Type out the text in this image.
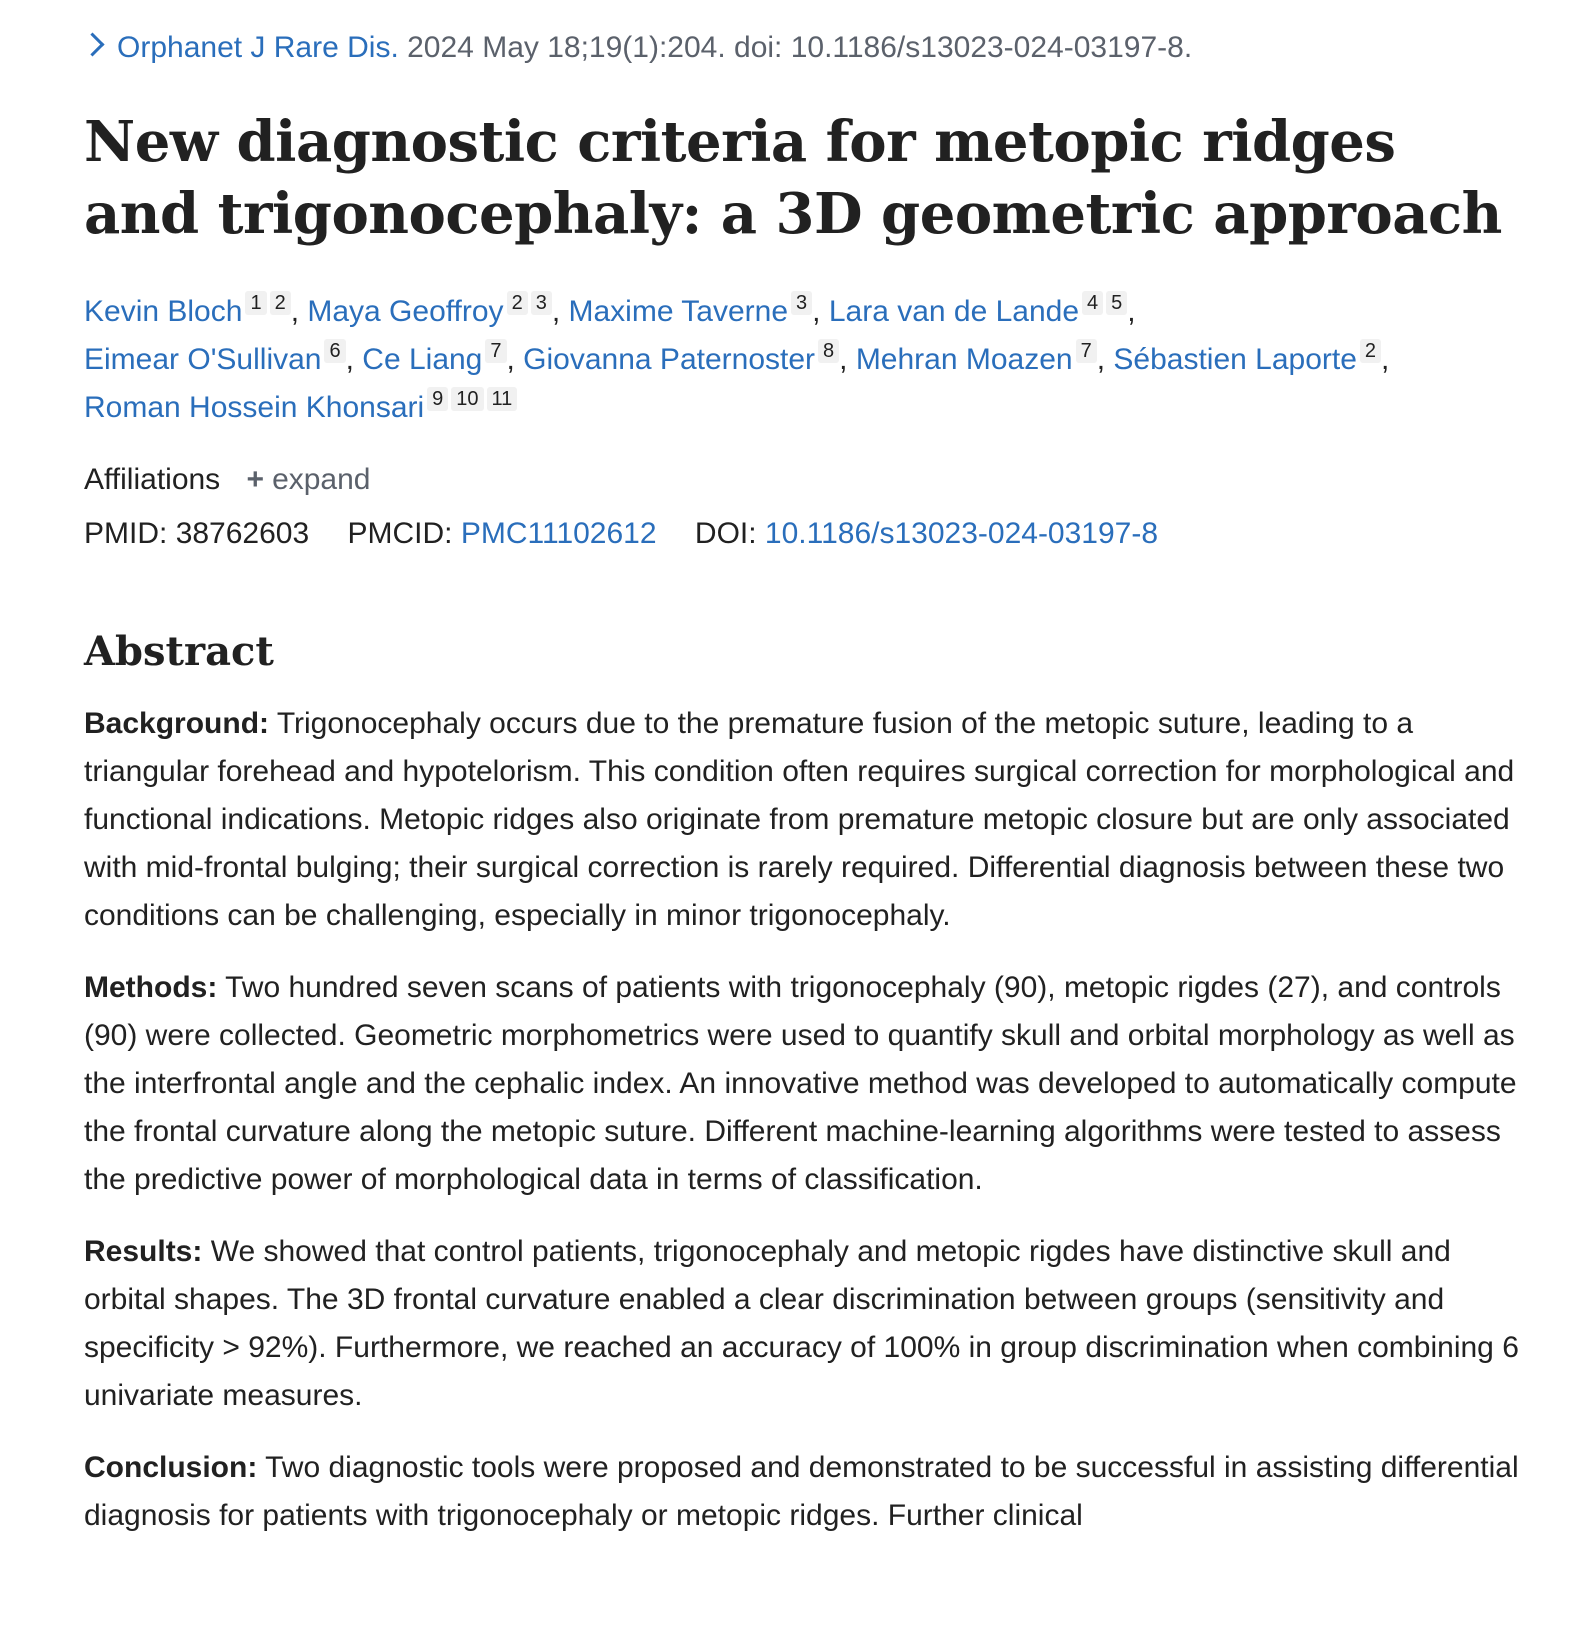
Orphanet J Rare Dis. 2024 May 18;19(1):204. doi: 10.1186/s13023-024-03197-8.
New diagnostic criteria for metopic ridges and trigonocephaly: a 3D geometric approach
Kevin Bloch 1 2 , Maya Geoffroy 2 3 , Maxime Taverne 3 , Lara van de Lande 4 5 ,
Eimear O'Sullivan 6 , Ce Liang 7 , Giovanna Paternoster 8 , Mehran Moazen 7 , Sébastien Laporte 2 ,
Roman Hossein Khonsari 9 10 11
Affiliations + expand
PMID: 38762603 PMCID: PMC11102612 DOI: 10.1186/s13023-024-03197-8
Abstract

Background: Trigonocephaly occurs due to the premature fusion of the metopic suture, leading to a triangular forehead and hypotelorism. This condition often requires surgical correction for morphological and functional indications. Metopic ridges also originate from premature metopic closure but are only associated with mid-frontal bulging; their surgical correction is rarely required. Differential diagnosis between these two conditions can be challenging, especially in minor trigonocephaly.

Methods: Two hundred seven scans of patients with trigonocephaly (90), metopic rigdes (27), and controls (90) were collected. Geometric morphometrics were used to quantify skull and orbital morphology as well as the interfrontal angle and the cephalic index. An innovative method was developed to automatically compute the frontal curvature along the metopic suture. Different machine-learning algorithms were tested to assess the predictive power of morphological data in terms of classification.

Results: We showed that control patients, trigonocephaly and metopic rigdes have distinctive skull and orbital shapes. The 3D frontal curvature enabled a clear discrimination between groups (sensitivity and specificity > 92%). Furthermore, we reached an accuracy of 100% in group discrimination when combining 6 univariate measures.

Conclusion: Two diagnostic tools were proposed and demonstrated to be successful in assisting differential diagnosis for patients with trigonocephaly or metopic ridges. Further clinical
